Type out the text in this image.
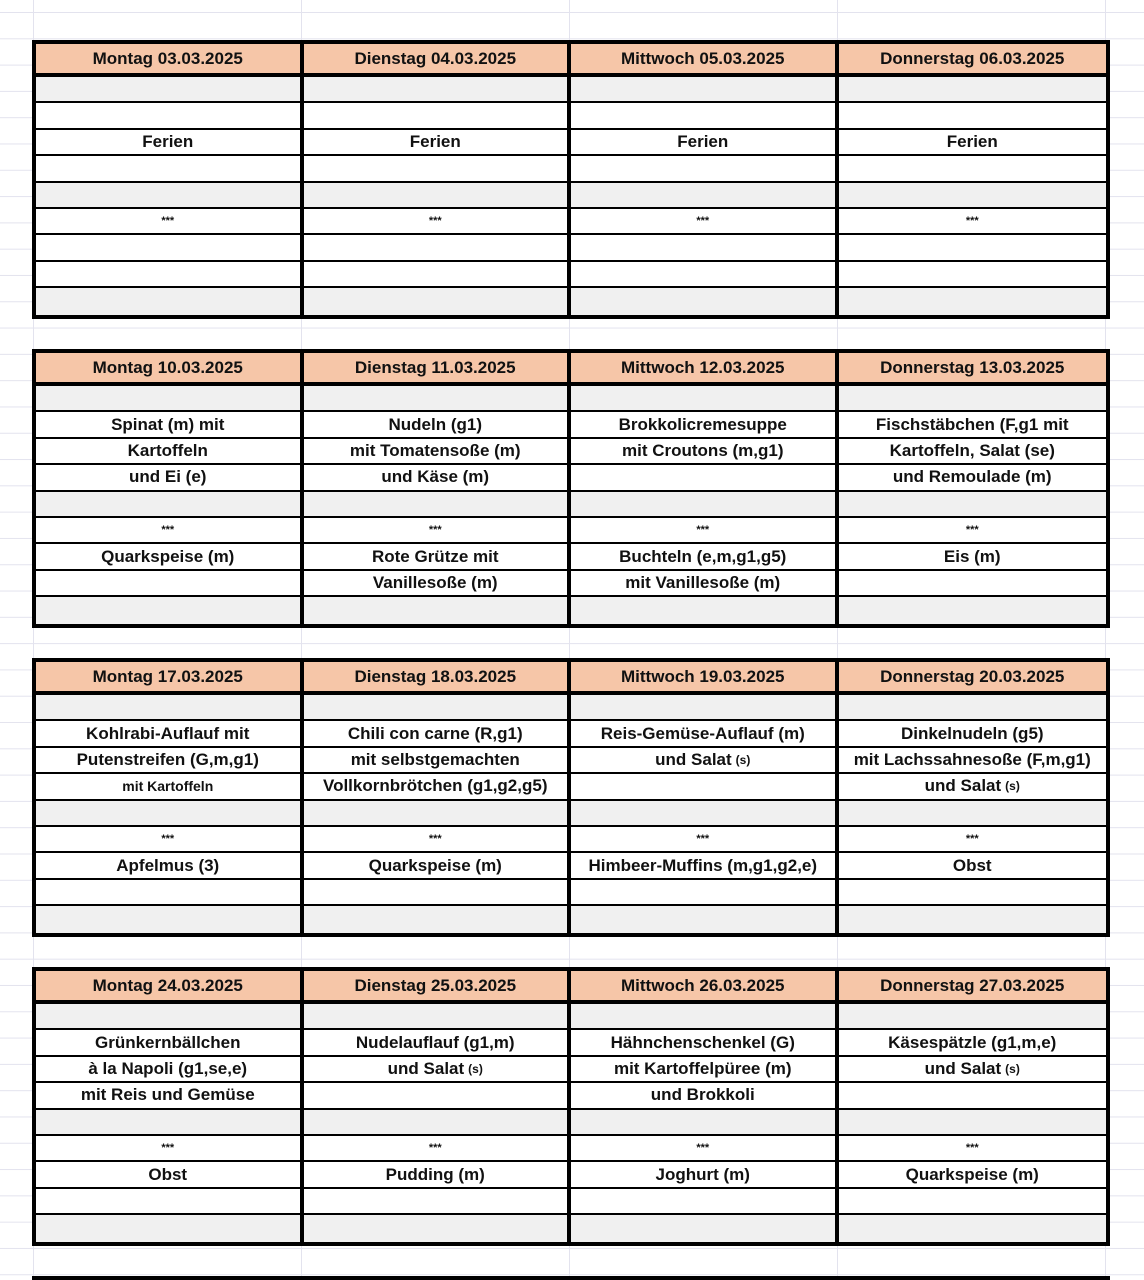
Montag 03.03.2025
Ferien
***
Dienstag 04.03.2025
Ferien
***
Mittwoch 05.03.2025
Ferien
***
Donnerstag 06.03.2025
Ferien
***
Montag 10.03.2025
Spinat (m) mit
Kartoffeln
und Ei (e)
***
Quarkspeise (m)
Dienstag 11.03.2025
Nudeln (g1)
mit Tomatensoße (m)
und Käse (m)
***
Rote Grütze mit
Vanillesoße (m)
Mittwoch 12.03.2025
Brokkolicremesuppe
mit Croutons (m,g1)
***
Buchteln (e,m,g1,g5)
mit Vanillesoße (m)
Donnerstag 13.03.2025
Fischstäbchen (F,g1 mit
Kartoffeln, Salat (se)
und Remoulade (m)
***
Eis (m)
Montag 17.03.2025
Kohlrabi-Auflauf mit
Putenstreifen (G,m,g1)
mit Kartoffeln
***
Apfelmus (3)
Dienstag 18.03.2025
Chili con carne (R,g1)
mit selbstgemachten
Vollkornbrötchen (g1,g2,g5)
***
Quarkspeise (m)
Mittwoch 19.03.2025
Reis-Gemüse-Auflauf (m)
und Salat (s)
***
Himbeer-Muffins (m,g1,g2,e)
Donnerstag 20.03.2025
Dinkelnudeln (g5)
mit Lachssahnesoße (F,m,g1)
und Salat (s)
***
Obst
Montag 24.03.2025
Grünkernbällchen
à la Napoli (g1,se,e)
mit Reis und Gemüse
***
Obst
Dienstag 25.03.2025
Nudelauflauf (g1,m)
und Salat (s)
***
Pudding (m)
Mittwoch 26.03.2025
Hähnchenschenkel (G)
mit Kartoffelpüree (m)
und Brokkoli
***
Joghurt (m)
Donnerstag 27.03.2025
Käsespätzle (g1,m,e)
und Salat (s)
***
Quarkspeise (m)
